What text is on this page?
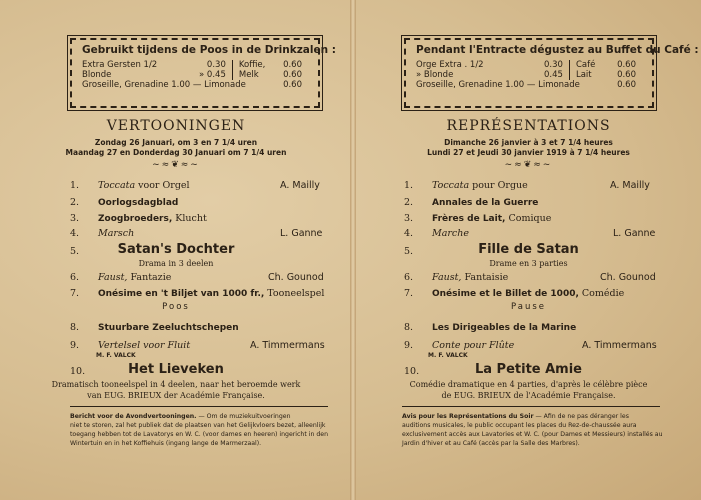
Gebruikt tijdens de Poos in de Drinkzalen :
Extra Gersten 1/2	0.30	Koffie,	0.60
Blonde	» 0.45	Melk	0.60
Groseille, Grenadine 1.00 — Limonade			0.60
VERTOONINGEN
Zondag 26 Januari, om 3 en 7 1/4 uren
Maandag 27 en Donderdag 30 Januari om 7 1/4 uren
~≈❦≈~
1. Toccata voor Orgel	A. Mailly
2. Oorlogsdagblad
3. Zoogbroeders, Klucht
4. Marsch	L. Ganne
5.	Satan's Dochter
Drama in 3 deelen
6. Faust, Fantazie	Ch. Gounod
7. Onésime en 't Biljet van 1000 fr., Tooneelspel
Poos
8. Stuurbare Zeeluchtschepen
9. Vertelsel voor Fluit	A. Timmermans
M. F. VALCK
10.	Het Lieveken
Dramatisch tooneelspel in 4 deelen, naar het beroemde werk
van EUG. BRIEUX der Académie Française.
Bericht voor de Avondvertooningen. — Om de muziekuitvoeringen
niet te storen, zal het publiek dat de plaatsen van het Gelijkvloers bezet, alleenlijk
toegang hebben tot de Lavatorys en W. C. (voor dames en heeren) ingericht in den
Wintertuin en in het Koffiehuis (ingang lange de Marmerzaal).
Pendant l'Entracte dégustez au Buffet du Café :
Orge Extra . 1/2	0.30	Café	0.60
» Blonde	0.45	Lait	0.60
Groseille, Grenadine 1.00 — Limonade			0.60
REPRÉSENTATIONS
Dimanche 26 janvier à 3 et 7 1/4 heures
Lundi 27 et Jeudi 30 janvier 1919 à 7 1/4 heures
~≈❦≈~
1. Toccata pour Orgue	A. Mailly
2. Annales de la Guerre
3. Frères de Lait, Comique
4. Marche	L. Ganne
5.	Fille de Satan
Drame en 3 parties
6. Faust, Fantaisie	Ch. Gounod
7. Onésime et le Billet de 1000, Comédie
Pause
8. Les Dirigeables de la Marine
9. Conte pour Flûte	A. Timmermans
M. F. VALCK
10.	La Petite Amie
Comédie dramatique en 4 parties, d'après le célèbre pièce
de EUG. BRIEUX de l'Académie Française.
Avis pour les Représentations du Soir — Afin de ne pas déranger les
auditions musicales, le public occupant les places du Rez-de-chaussée aura
exclusivement accès aux Lavatories et W. C. (pour Dames et Messieurs) installés au
Jardin d'hiver et au Café (accès par la Salle des Marbres).
